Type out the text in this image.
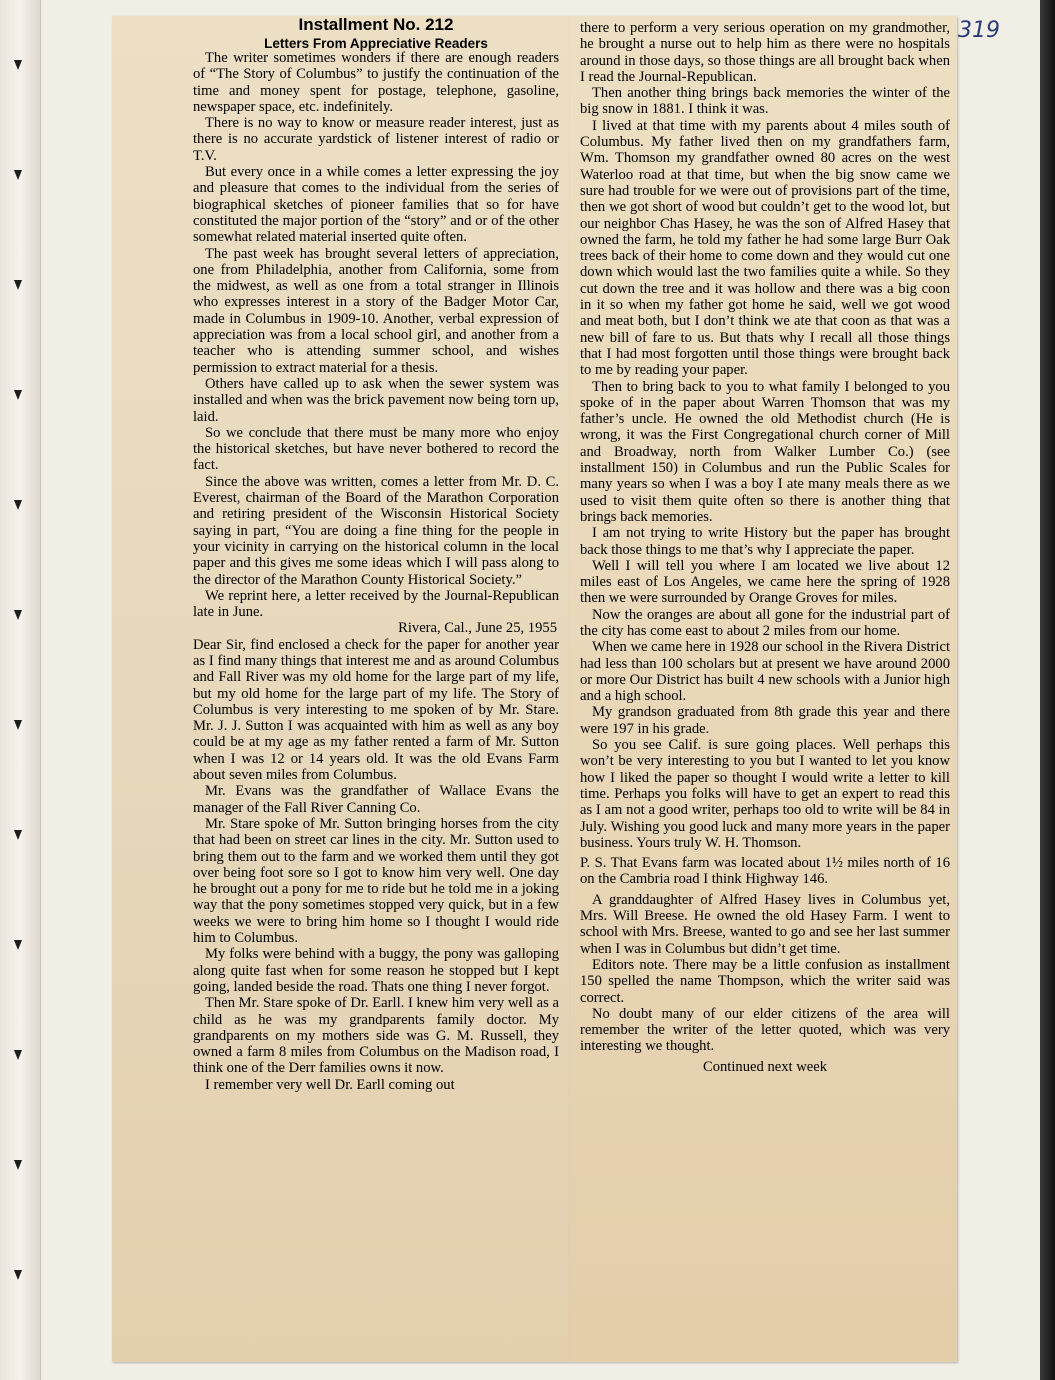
319
Installment No. 212
Letters From Appreciative Readers

The writer sometimes wonders if there are enough readers of “The Story of Columbus” to justify the continuation of the time and money spent for postage, telephone, gasoline, newspaper space, etc. indefinitely.

There is no way to know or measure reader interest, just as there is no accurate yardstick of listener interest of radio or T.V.

But every once in a while comes a letter expressing the joy and pleasure that comes to the individual from the series of biographical sketches of pioneer families that so for have constituted the major portion of the “story” and or of the other somewhat related material inserted quite often.

The past week has brought several letters of appreciation, one from Philadelphia, another from California, some from the midwest, as well as one from a total stranger in Illinois who expresses interest in a story of the Badger Motor Car, made in Columbus in 1909-10. Another, verbal expression of appreciation was from a local school girl, and another from a teacher who is attending summer school, and wishes permission to extract material for a thesis.

Others have called up to ask when the sewer system was installed and when was the brick pavement now being torn up, laid.

So we conclude that there must be many more who enjoy the historical sketches, but have never bothered to record the fact.

Since the above was written, comes a letter from Mr. D. C. Everest, chairman of the Board of the Marathon Corporation and retiring president of the Wisconsin Historical Society saying in part, “You are doing a fine thing for the people in your vicinity in carrying on the historical column in the local paper and this gives me some ideas which I will pass along to the director of the Marathon County Historical Society.”

We reprint here, a letter received by the Journal-Republican late in June.

Rivera, Cal., June 25, 1955

Dear Sir, find enclosed a check for the paper for another year as I find many things that interest me and as around Columbus and Fall River was my old home for the large part of my life, but my old home for the large part of my life. The Story of Columbus is very interesting to me spoken of by Mr. Stare. Mr. J. J. Sutton I was acquainted with him as well as any boy could be at my age as my father rented a farm of Mr. Sutton when I was 12 or 14 years old. It was the old Evans Farm about seven miles from Columbus.

Mr. Evans was the grandfather of Wallace Evans the manager of the Fall River Canning Co.

Mr. Stare spoke of Mr. Sutton bringing horses from the city that had been on street car lines in the city. Mr. Sutton used to bring them out to the farm and we worked them until they got over being foot sore so I got to know him very well. One day he brought out a pony for me to ride but he told me in a joking way that the pony sometimes stopped very quick, but in a few weeks we were to bring him home so I thought I would ride him to Columbus.

My folks were behind with a buggy, the pony was galloping along quite fast when for some reason he stopped but I kept going, landed beside the road. Thats one thing I never forgot.

Then Mr. Stare spoke of Dr. Earll. I knew him very well as a child as he was my grandparents family doctor. My grandparents on my mothers side was G. M. Russell, they owned a farm 8 miles from Columbus on the Madison road, I think one of the Derr families owns it now.

I remember very well Dr. Earll coming out

there to perform a very serious operation on my grandmother, he brought a nurse out to help him as there were no hospitals around in those days, so those things are all brought back when I read the Journal-Republican.

Then another thing brings back memories the winter of the big snow in 1881. I think it was.

I lived at that time with my parents about 4 miles south of Columbus. My father lived then on my grandfathers farm, Wm. Thomson my grandfather owned 80 acres on the west Waterloo road at that time, but when the big snow came we sure had trouble for we were out of provisions part of the time, then we got short of wood but couldn’t get to the wood lot, but our neighbor Chas Hasey, he was the son of Alfred Hasey that owned the farm, he told my father he had some large Burr Oak trees back of their home to come down and they would cut one down which would last the two families quite a while. So they cut down the tree and it was hollow and there was a big coon in it so when my father got home he said, well we got wood and meat both, but I don’t think we ate that coon as that was a new bill of fare to us. But thats why I recall all those things that I had most forgotten until those things were brought back to me by reading your paper.

Then to bring back to you to what family I belonged to you spoke of in the paper about Warren Thomson that was my father’s uncle. He owned the old Methodist church (He is wrong, it was the First Congregational church corner of Mill and Broadway, north from Walker Lumber Co.) (see installment 150) in Columbus and run the Public Scales for many years so when I was a boy I ate many meals there as we used to visit them quite often so there is another thing that brings back memories.

I am not trying to write History but the paper has brought back those things to me that’s why I appreciate the paper.

Well I will tell you where I am located we live about 12 miles east of Los Angeles, we came here the spring of 1928 then we were surrounded by Orange Groves for miles.

Now the oranges are about all gone for the industrial part of the city has come east to about 2 miles from our home.

When we came here in 1928 our school in the Rivera District had less than 100 scholars but at present we have around 2000 or more Our District has built 4 new schools with a Junior high and a high school.

My grandson graduated from 8th grade this year and there were 197 in his grade.

So you see Calif. is sure going places. Well perhaps this won’t be very interesting to you but I wanted to let you know how I liked the paper so thought I would write a letter to kill time. Perhaps you folks will have to get an expert to read this as I am not a good writer, perhaps too old to write will be 84 in July. Wishing you good luck and many more years in the paper business. Yours truly W. H. Thomson.

P. S. That Evans farm was located about 1½ miles north of 16 on the Cambria road I think Highway 146.

A granddaughter of Alfred Hasey lives in Columbus yet, Mrs. Will Breese. He owned the old Hasey Farm. I went to school with Mrs. Breese, wanted to go and see her last summer when I was in Columbus but didn’t get time.

Editors note. There may be a little confusion as installment 150 spelled the name Thompson, which the writer said was correct.

No doubt many of our elder citizens of the area will remember the writer of the letter quoted, which was very interesting we thought.

Continued next week
